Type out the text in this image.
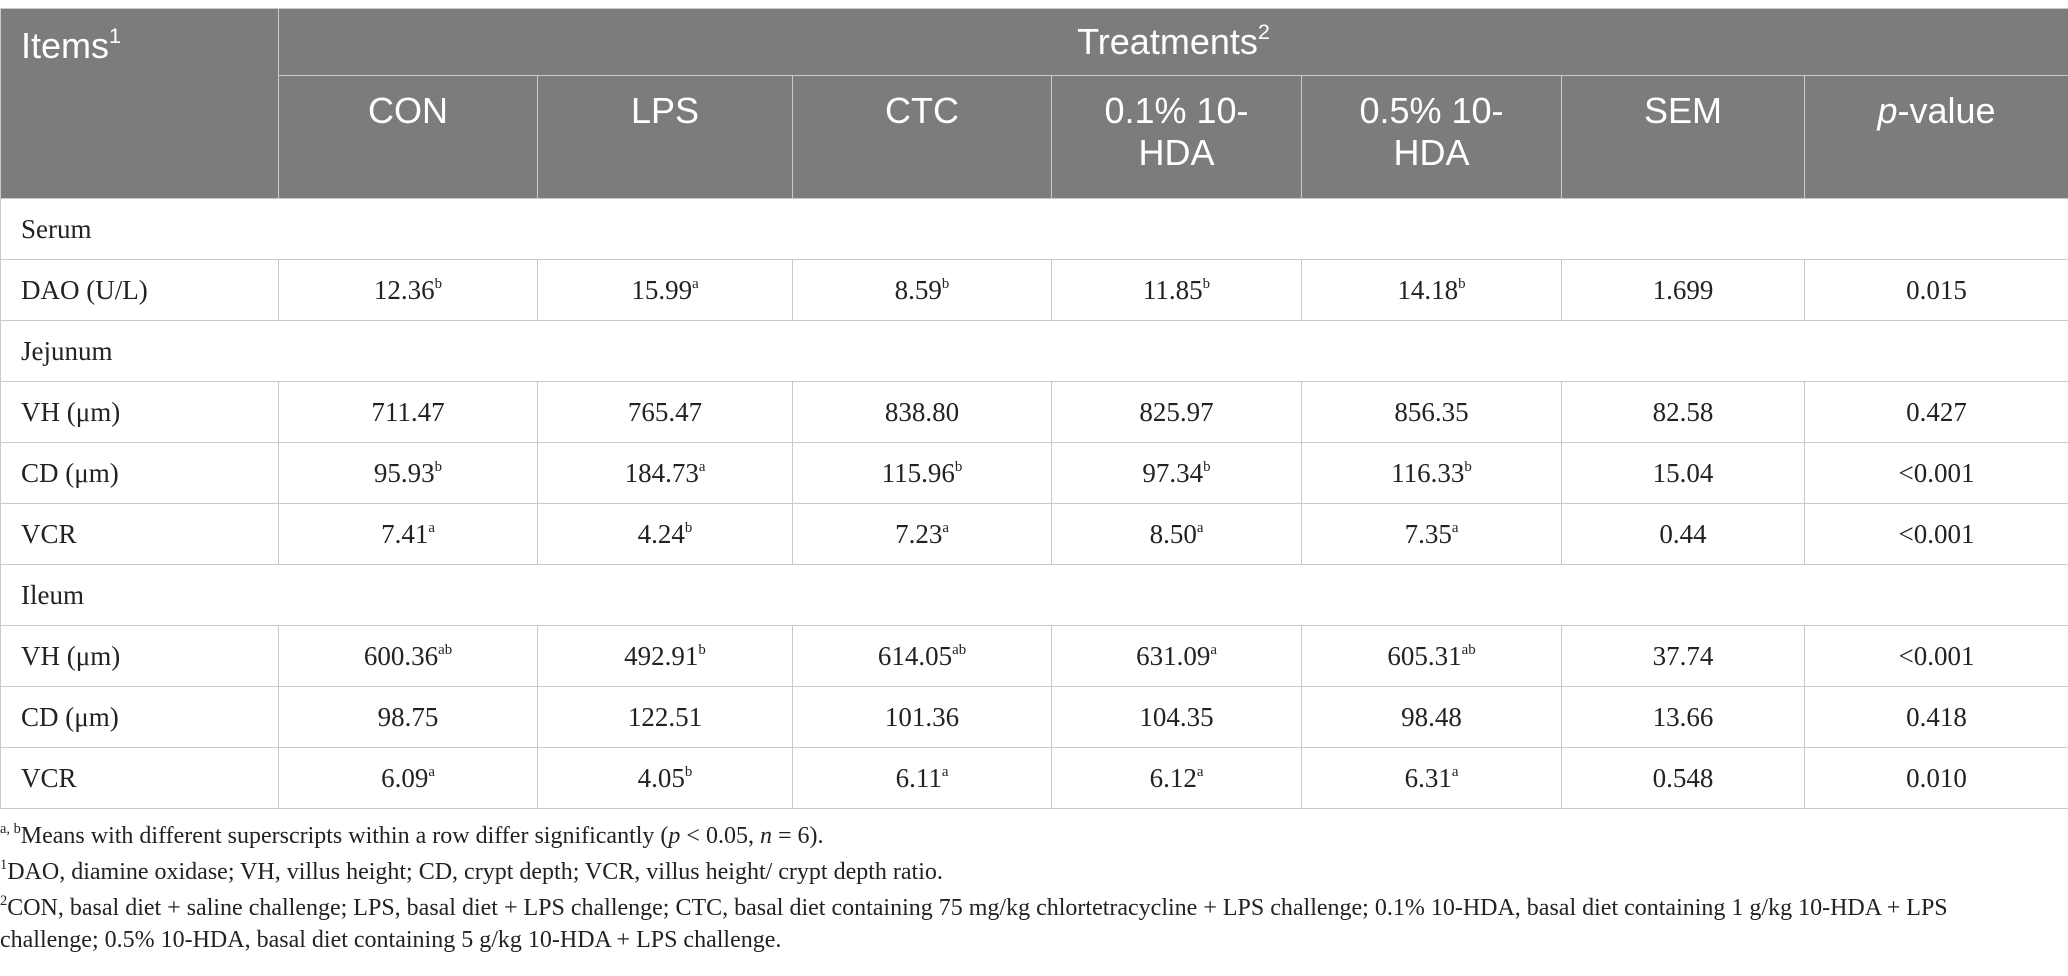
Items$^1$	Treatments$^2$
	CON	LPS	CTC	0.1% 10-HDA	0.5% 10-HDA	SEM	p-value
Serum							
DAO (U/L)	12.36$^b$	15.99$^a$	8.59$^b$	11.85$^b$	14.18$^b$	1.699	0.015
Jejunum							
VH (μm)	711.47	765.47	838.80	825.97	856.35	82.58	0.427
CD (μm)	95.93$^b$	184.73$^a$	115.96$^b$	97.34$^b$	116.33$^b$	15.04	<0.001
VCR	7.41$^a$	4.24$^b$	7.23$^a$	8.50$^a$	7.35$^a$	0.44	<0.001
Ileum							
VH (μm)	600.36$^{ab}$	492.91$^b$	614.05$^{ab}$	631.09$^a$	605.31$^{ab}$	37.74	<0.001
CD (μm)	98.75	122.51	101.36	104.35	98.48	13.66	0.418
VCR	6.09$^a$	4.05$^b$	6.11$^a$	6.12$^a$	6.31$^a$	0.548	0.010

$^{a, b}$Means with different superscripts within a row differ significantly (p < 0.05, n = 6).

$^1$DAO, diamine oxidase; VH, villus height; CD, crypt depth; VCR, villus height/ crypt depth ratio.

$^2$CON, basal diet + saline challenge; LPS, basal diet + LPS challenge; CTC, basal diet containing 75 mg/kg chlortetracycline + LPS challenge; 0.1% 10-HDA, basal diet containing 1 g/kg 10-HDA + LPS challenge; 0.5% 10-HDA, basal diet containing 5 g/kg 10-HDA + LPS challenge.
